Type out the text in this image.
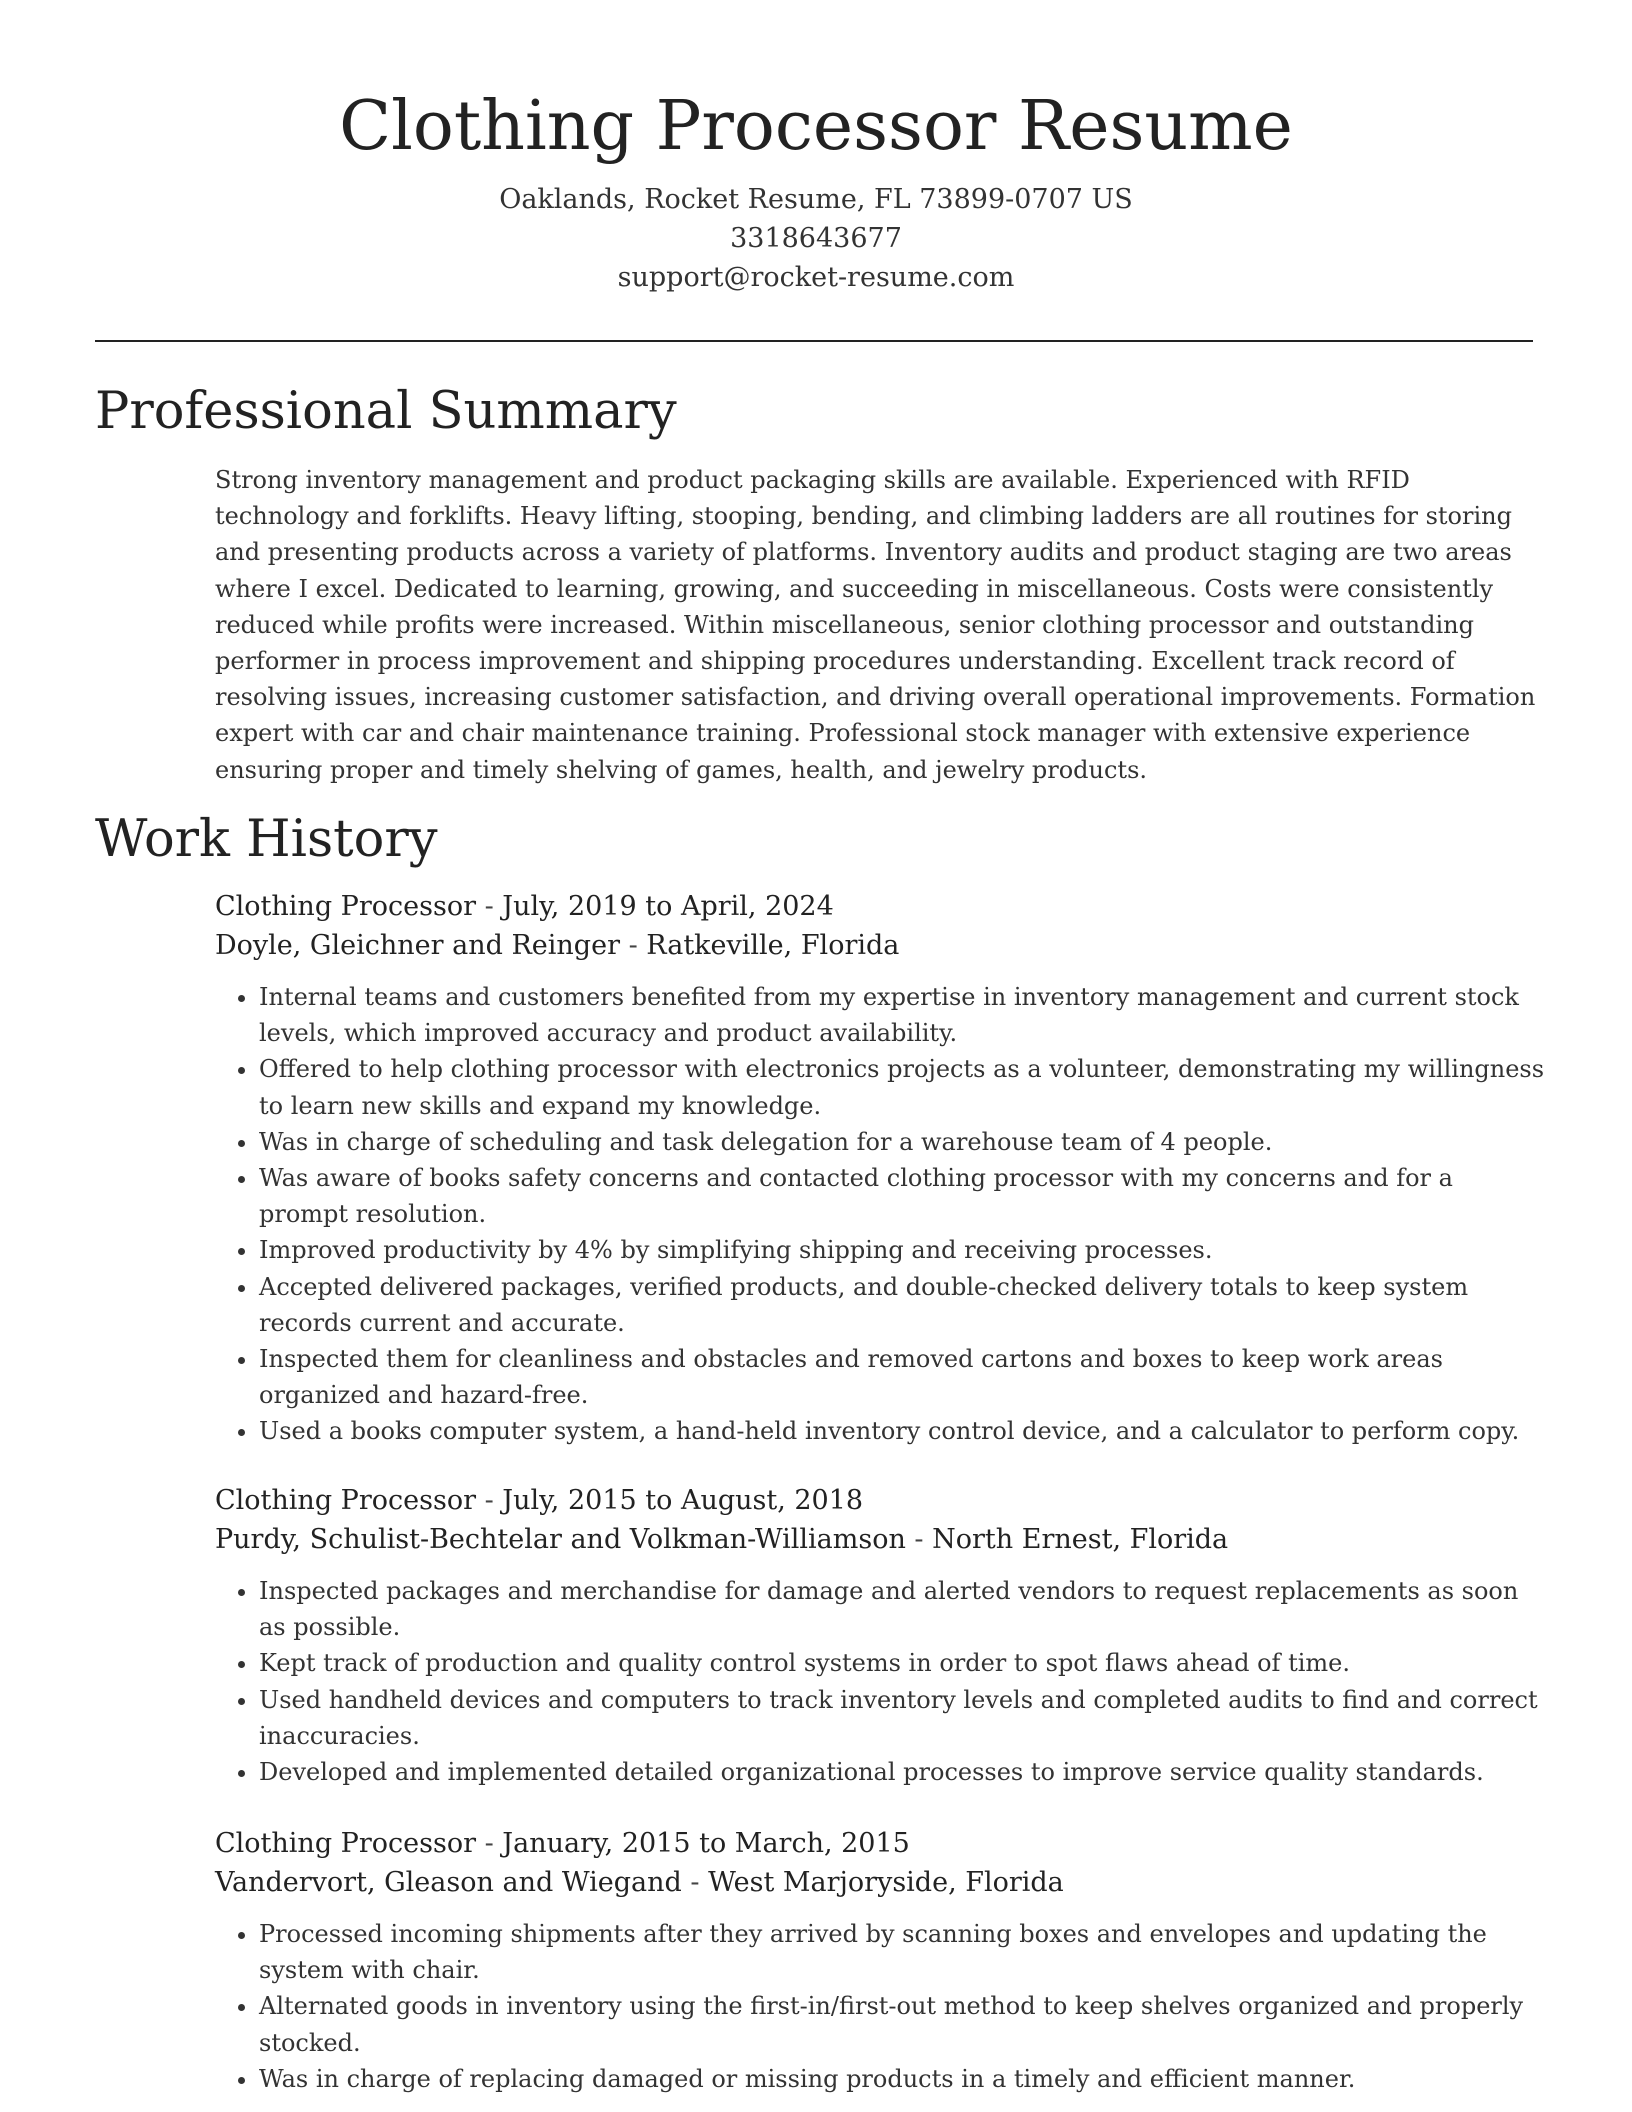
Clothing Processor Resume
Oaklands, Rocket Resume, FL 73899-0707 US
3318643677
support@rocket-resume.com
Professional Summary

Strong inventory management and product packaging skills are available. Experienced with RFID technology and forklifts. Heavy lifting, stooping, bending, and climbing ladders are all routines for storing and presenting products across a variety of platforms. Inventory audits and product staging are two areas where I excel. Dedicated to learning, growing, and succeeding in miscellaneous. Costs were consistently reduced while profits were increased. Within miscellaneous, senior clothing processor and outstanding performer in process improvement and shipping procedures understanding. Excellent track record of resolving issues, increasing customer satisfaction, and driving overall operational improvements. Formation expert with car and chair maintenance training. Professional stock manager with extensive experience ensuring proper and timely shelving of games, health, and jewelry products.

Work History
Clothing Processor - July, 2019 to April, 2024
Doyle, Gleichner and Reinger - Ratkeville, Florida
• Internal teams and customers benefited from my expertise in inventory management and current stock levels, which improved accuracy and product availability.
• Offered to help clothing processor with electronics projects as a volunteer, demonstrating my willingness to learn new skills and expand my knowledge.
• Was in charge of scheduling and task delegation for a warehouse team of 4 people.
• Was aware of books safety concerns and contacted clothing processor with my concerns and for a prompt resolution.
• Improved productivity by 4% by simplifying shipping and receiving processes.
• Accepted delivered packages, verified products, and double-checked delivery totals to keep system records current and accurate.
• Inspected them for cleanliness and obstacles and removed cartons and boxes to keep work areas organized and hazard-free.
• Used a books computer system, a hand-held inventory control device, and a calculator to perform copy.
Clothing Processor - July, 2015 to August, 2018
Purdy, Schulist-Bechtelar and Volkman-Williamson - North Ernest, Florida
• Inspected packages and merchandise for damage and alerted vendors to request replacements as soon as possible.
• Kept track of production and quality control systems in order to spot flaws ahead of time.
• Used handheld devices and computers to track inventory levels and completed audits to find and correct inaccuracies.
• Developed and implemented detailed organizational processes to improve service quality standards.
Clothing Processor - January, 2015 to March, 2015
Vandervort, Gleason and Wiegand - West Marjoryside, Florida
• Processed incoming shipments after they arrived by scanning boxes and envelopes and updating the system with chair.
• Alternated goods in inventory using the first-in/first-out method to keep shelves organized and properly stocked.
• Was in charge of replacing damaged or missing products in a timely and efficient manner.
